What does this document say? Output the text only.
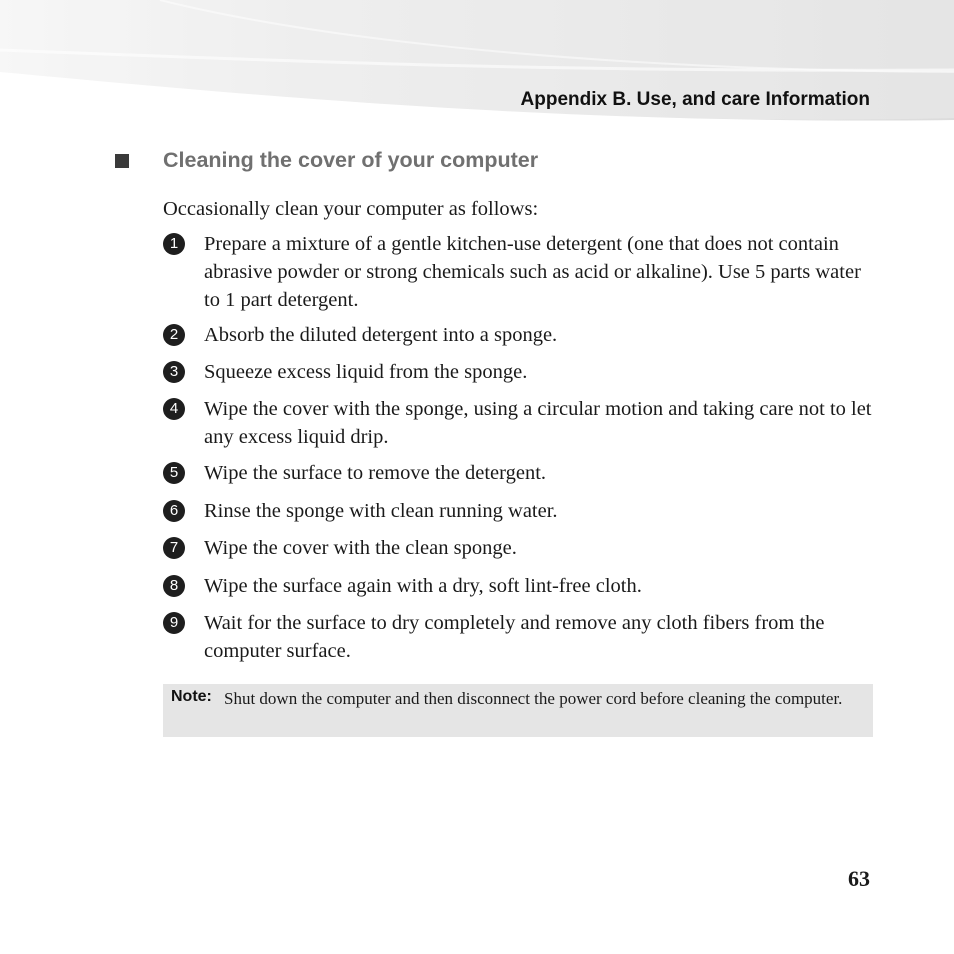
Appendix B. Use, and care Information
Cleaning the cover of your computer
Occasionally clean your computer as follows:
1	Prepare a mixture of a gentle kitchen-use detergent (one that does not contain abrasive powder or strong chemicals such as acid or alkaline). Use 5 parts water to 1 part detergent.
2	Absorb the diluted detergent into a sponge.
3	Squeeze excess liquid from the sponge.
4	Wipe the cover with the sponge, using a circular motion and taking care not to let any excess liquid drip.
5	Wipe the surface to remove the detergent.
6	Rinse the sponge with clean running water.
7	Wipe the cover with the clean sponge.
8	Wipe the surface again with a dry, soft lint-free cloth.
9	Wait for the surface to dry completely and remove any cloth fibers from the computer surface.
Note: Shut down the computer and then disconnect the power cord before cleaning the computer.
63
